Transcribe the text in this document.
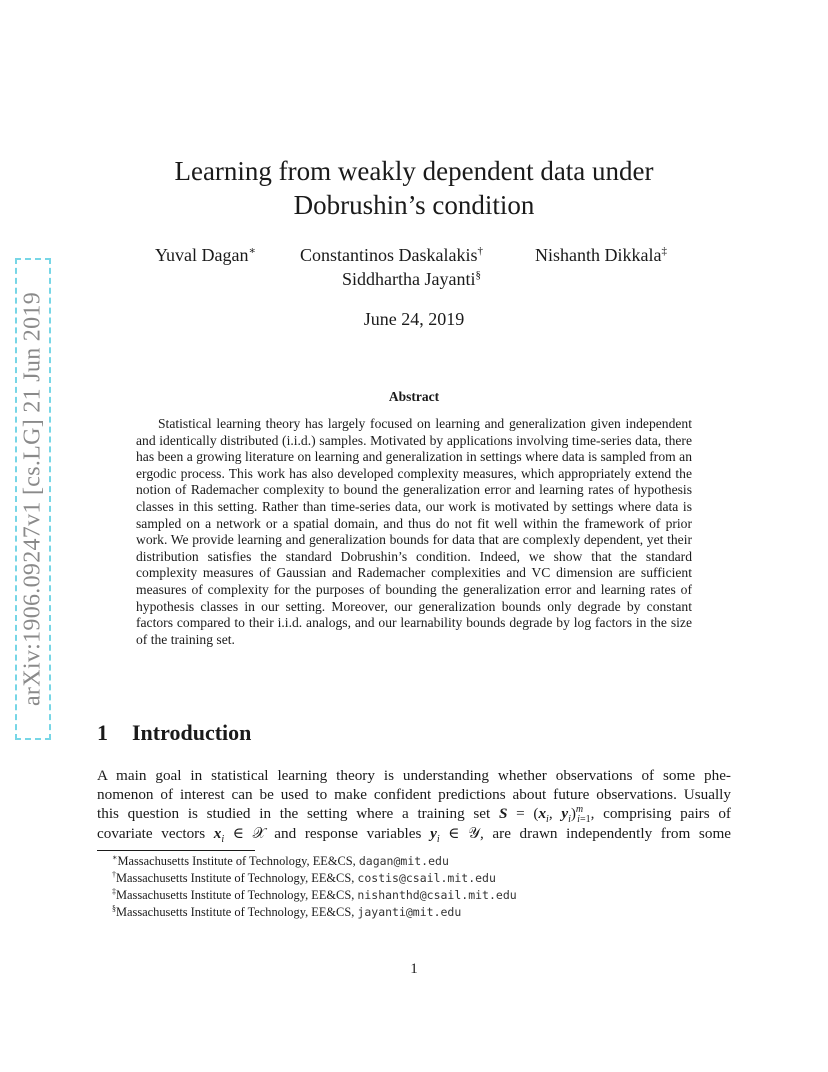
arXiv:1906.09247v1 [cs.LG] 21 Jun 2019
Learning from weakly dependent data under
Dobrushin’s condition
Yuval Dagan∗ Constantinos Daskalakis†	Nishanth Dikkala‡
Siddhartha Jayanti§
June 24, 2019
Abstract

Statistical learning theory has largely focused on learning and generalization given independent and identically distributed (i.i.d.) samples. Motivated by applications involving time-series data, there has been a growing literature on learning and generalization in settings where data is sampled from an ergodic process. This work has also developed complexity measures, which appropriately extend the notion of Rademacher complexity to bound the generalization error and learning rates of hypothesis classes in this setting. Rather than time-series data, our work is motivated by settings where data is sampled on a network or a spatial domain, and thus do not fit well within the framework of prior work. We provide learning and generalization bounds for data that are complexly dependent, yet their distribution satisfies the standard Dobrushin’s condition. Indeed, we show that the standard complexity measures of Gaussian and Rademacher complexities and VC dimension are sufficient measures of complexity for the purposes of bounding the generalization error and learning rates of hypothesis classes in our setting. Moreover, our generalization bounds only degrade by constant factors compared to their i.i.d. analogs, and our learnability bounds degrade by log factors in the size of the training set.

1 Introduction
A main goal in statistical learning theory is understanding whether observations of some phe-
nomenon of interest can be used to make confident predictions about future observations. Usually
this question is studied in the setting where a training set $S = (x_i$, $y_i)^m_{i=1}$, comprising pairs of
covariate vectors $x_i$ ∈ 𝒳 and response variables $y_i$ ∈ 𝒴, are drawn independently from some
∗Massachusetts Institute of Technology, EE&CS, dagan@mit.edu
†Massachusetts Institute of Technology, EE&CS, costis@csail.mit.edu
‡Massachusetts Institute of Technology, EE&CS, nishanthd@csail.mit.edu
§Massachusetts Institute of Technology, EE&CS, jayanti@mit.edu
1
